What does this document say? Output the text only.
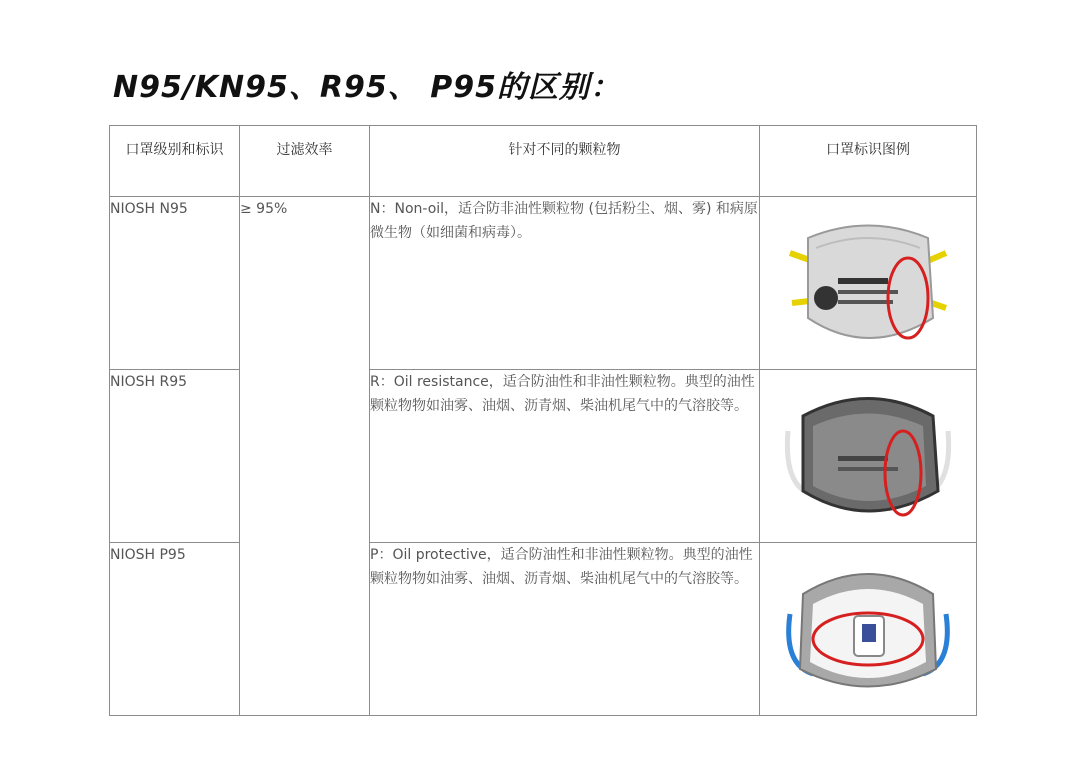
N95/KN95、R95、 P95的区别：
口罩级别和标识	过滤效率	针对不同的颗粒物	口罩标识图例
NIOSH N95	≥ 95%	N：Non-oil，适合防非油性颗粒物 (包括粉尘、烟、雾) 和病原微生物（如细菌和病毒）。	

NIOSH R95		R：Oil resistance，适合防油性和非油性颗粒物。典型的油性颗粒物物如油雾、油烟、沥青烟、柴油机尾气中的气溶胶等。	

NIOSH P95		P：Oil protective，适合防油性和非油性颗粒物。典型的油性颗粒物物如油雾、油烟、沥青烟、柴油机尾气中的气溶胶等。	
